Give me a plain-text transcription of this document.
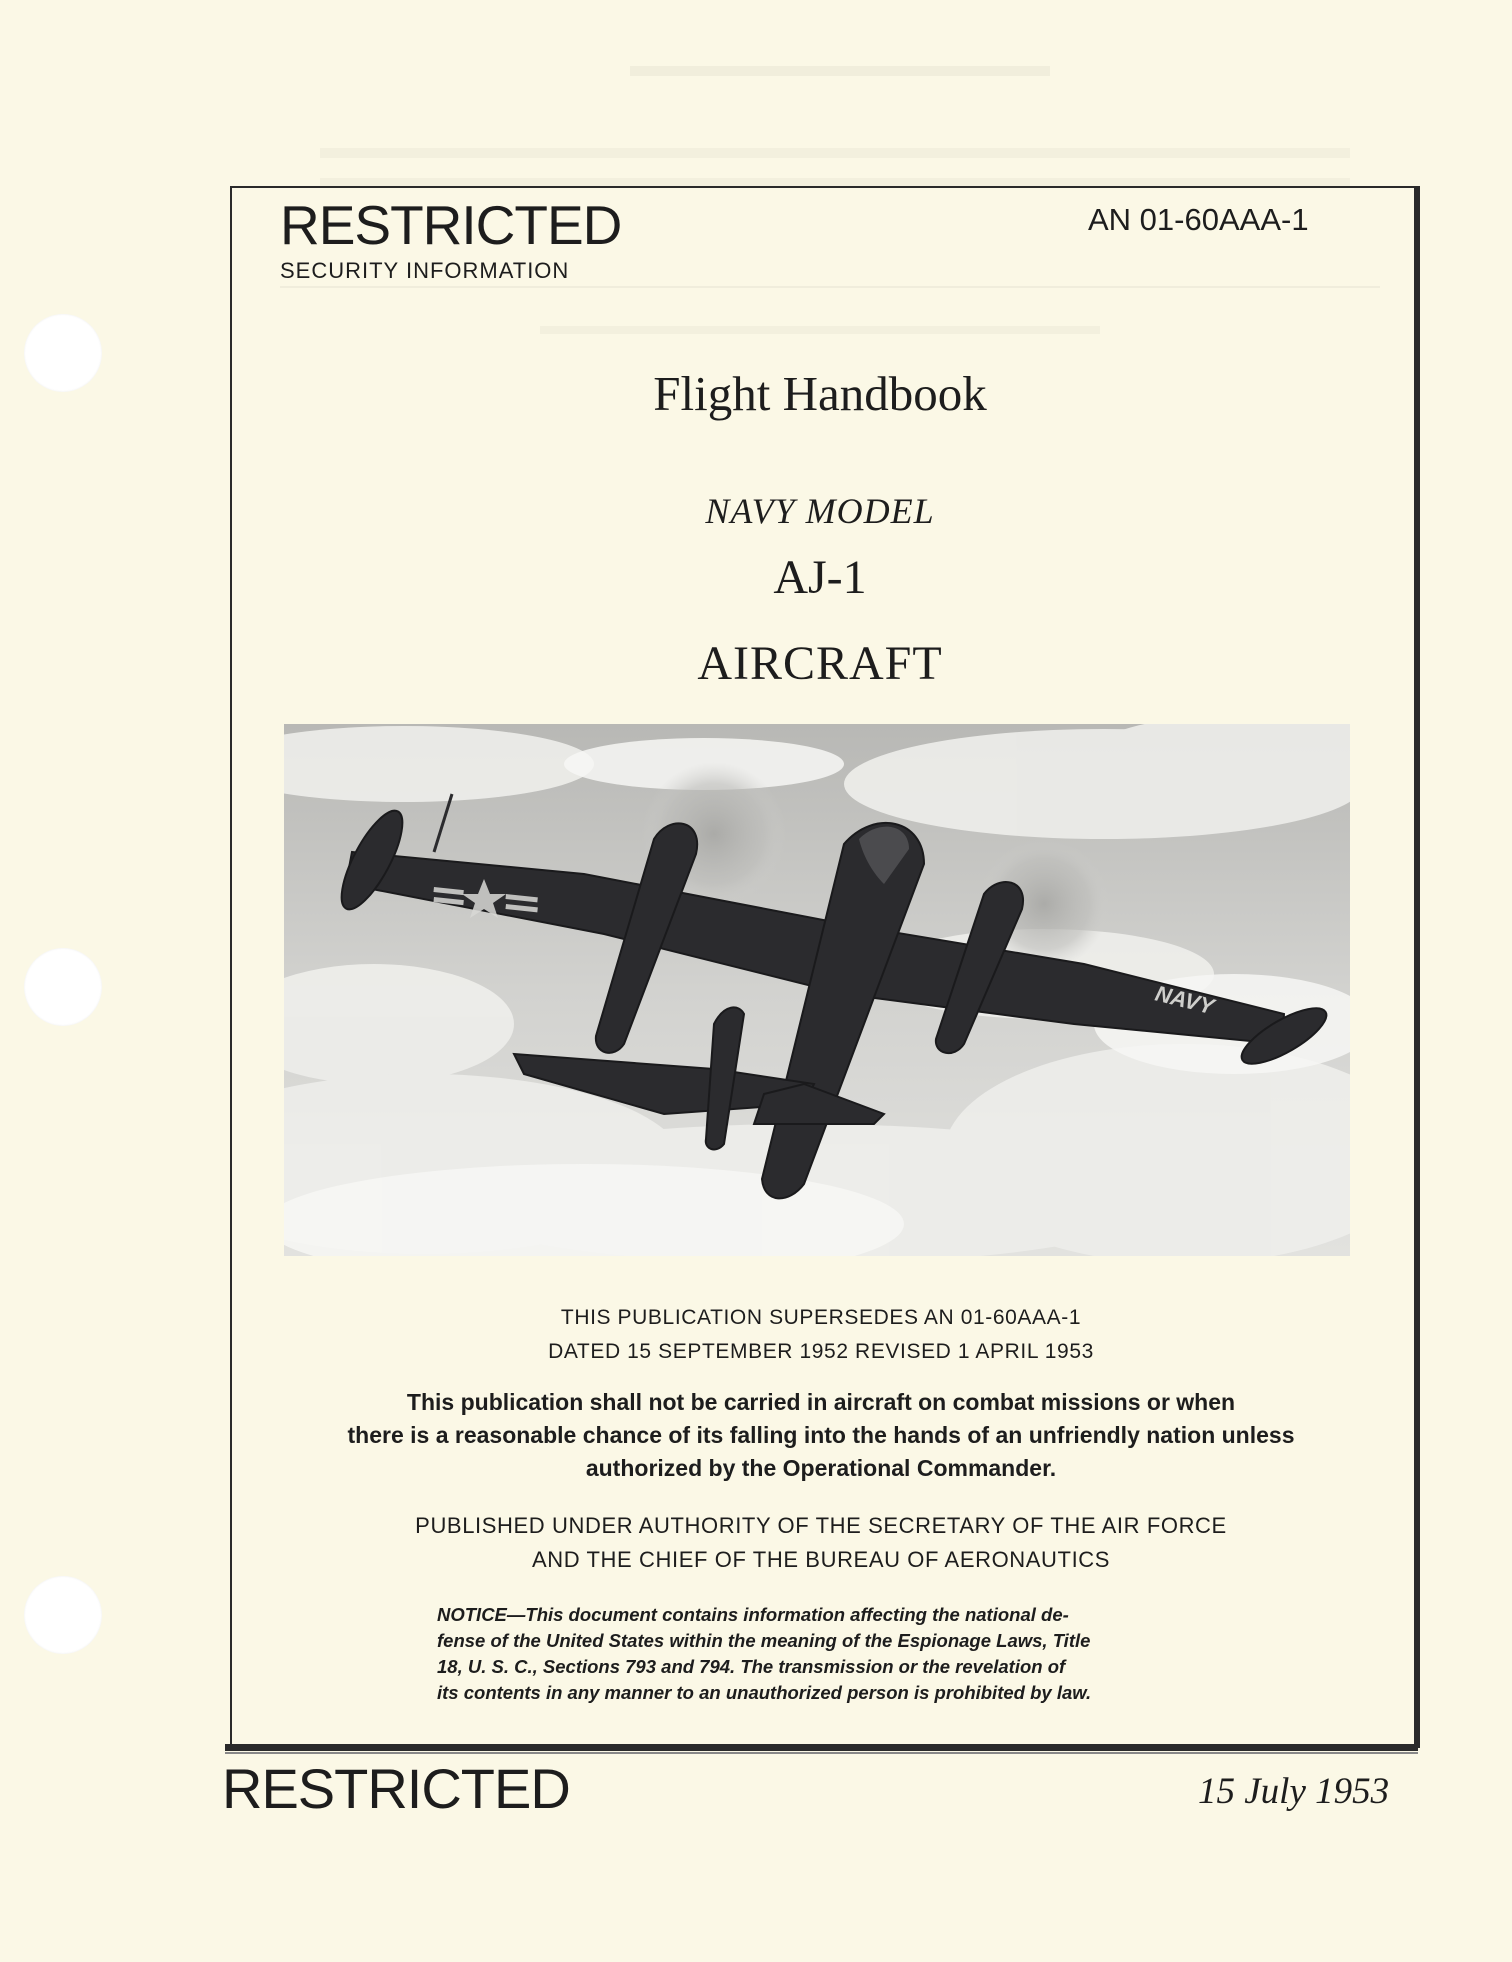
RESTRICTED
SECURITY INFORMATION
AN 01-60AAA-1
Flight Handbook
NAVY MODEL
AJ-1
AIRCRAFT
NAVY
THIS PUBLICATION SUPERSEDES AN 01-60AAA-1
DATED 15 SEPTEMBER 1952 REVISED 1 APRIL 1953
This publication shall not be carried in aircraft on combat missions or when
there is a reasonable chance of its falling into the hands of an unfriendly nation unless
authorized by the Operational Commander.
PUBLISHED UNDER AUTHORITY OF THE SECRETARY OF THE AIR FORCE
AND THE CHIEF OF THE BUREAU OF AERONAUTICS
NOTICE—This document contains information affecting the national de-
fense of the United States within the meaning of the Espionage Laws, Title
18, U. S. C., Sections 793 and 794. The transmission or the revelation of
its contents in any manner to an unauthorized person is prohibited by law.
RESTRICTED	15 July 1953
